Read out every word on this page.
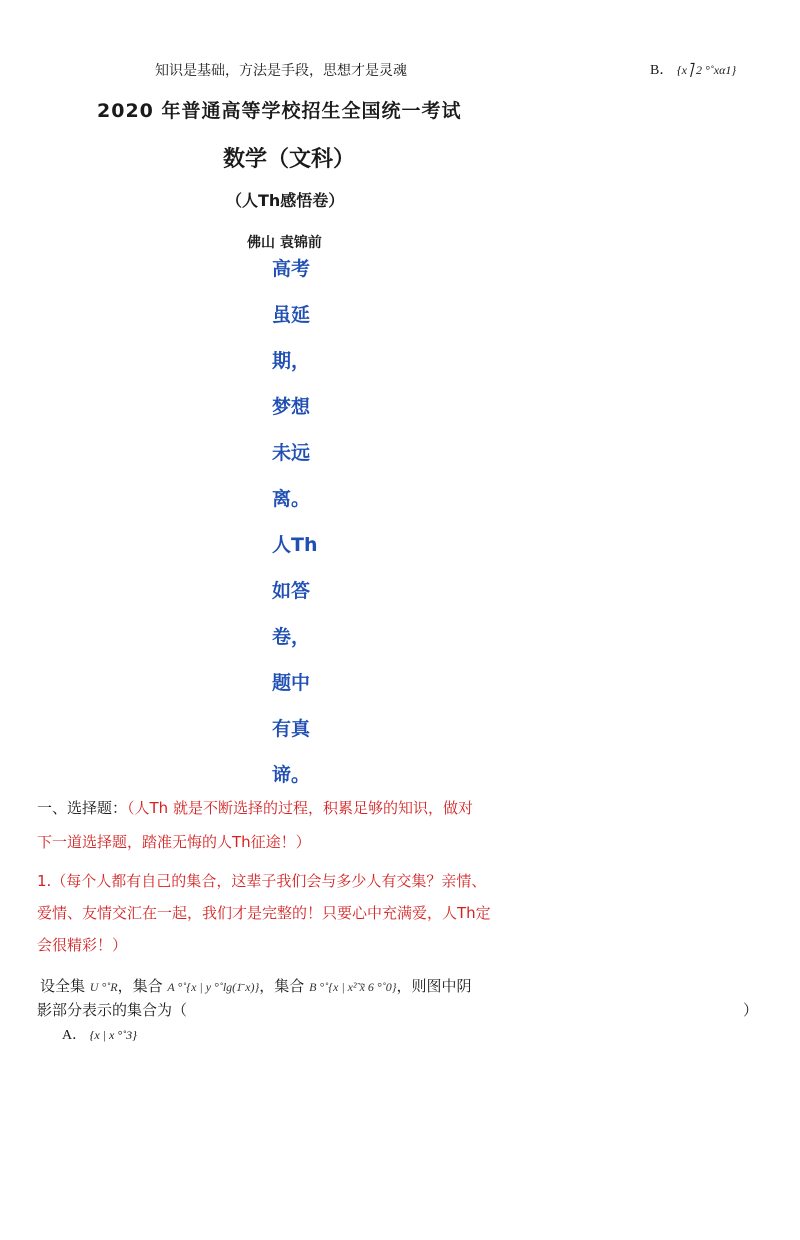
知识是基础，方法是手段，思想才是灵魂	B． {x⎤ 2 °˚xα1}
2020 年普通高等学校招生全国统一考试
数学（文科）
（人Th感悟卷）
佛山 袁锦前
高考
虽延
期，
梦想
未远
离。
人Th
如答
卷，
题中
有真
谛。
一、选择题：（人Th 就是不断选择的过程，积累足够的知识，做对
下一道选择题，踏准无悔的人Th征途！）
1.（每个人都有自己的集合，这辈子我们会与多少人有交集？亲情、
爱情、友情交汇在一起，我们才是完整的！只要心中充满爱，人Th定
会很精彩！）
设全集 U °˚R，集合 A °˚{x | y °˚lg(1̄ x)}，集合 B °˚{x | x²̃ x̃ 6 °˚0}，则图中阴
影部分表示的集合为（	）
A． {x | x °˚3}
